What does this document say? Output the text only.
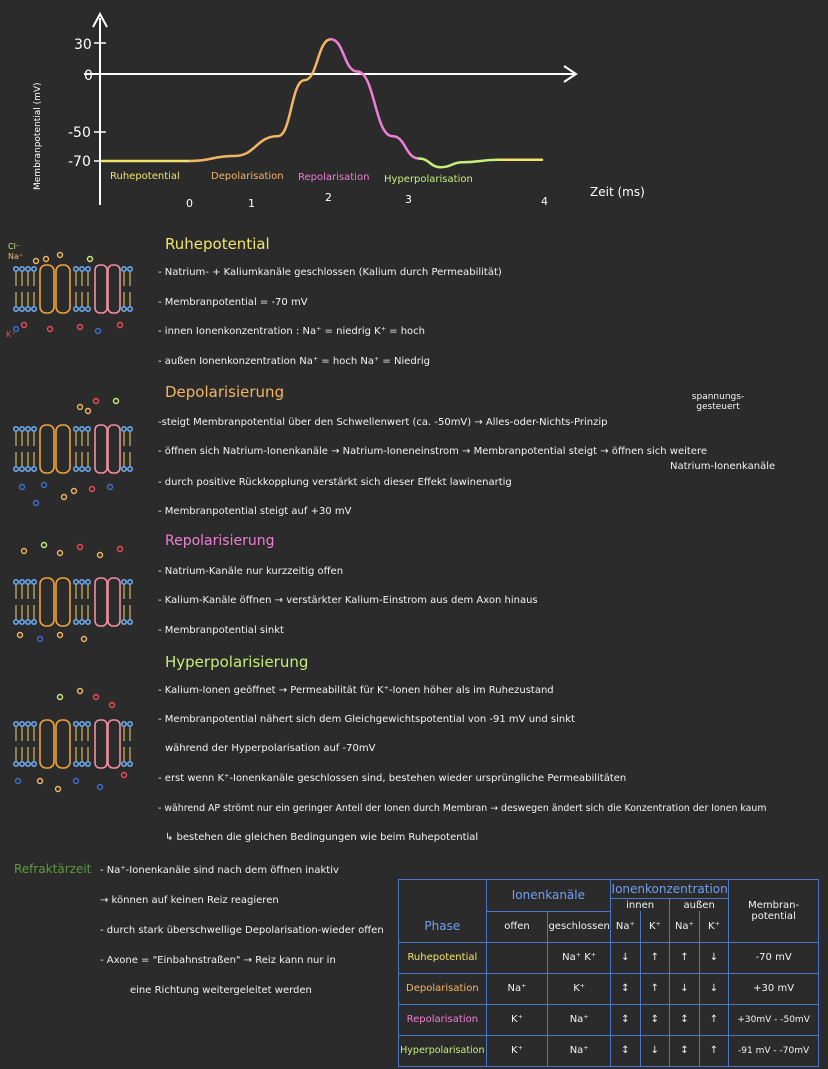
30
0
-50
-70
Membranpotential (mV)
0	1	2	3	4
Zeit (ms)
Ruhepotential	Depolarisation Repolarisation Hyperpolarisation
Cl⁻
Na⁺
K⁺
Ruhepotential
- Natrium- + Kaliumkanäle geschlossen (Kalium durch Permeabilität)
- Membranpotential = -70 mV
- innen Ionenkonzentration : Na⁺ = niedrig K⁺ = hoch
- außen Ionenkonzentration Na⁺ = hoch Na⁺ = Niedrig
Depolarisierung	spannungs- gesteuert
-steigt Membranpotential über den Schwellenwert (ca. -50mV) → Alles-oder-Nichts-Prinzip
- öffnen sich Natrium-Ionenkanäle → Natrium-Ioneneinstrom → Membranpotential steigt → öffnen sich weitere
Natrium-Ionenkanäle
- durch positive Rückkopplung verstärkt sich dieser Effekt lawinenartig
- Membranpotential steigt auf +30 mV
Repolarisierung
- Natrium-Kanäle nur kurzzeitig offen
- Kalium-Kanäle öffnen → verstärkter Kalium-Einstrom aus dem Axon hinaus
- Membranpotential sinkt
Hyperpolarisierung
- Kalium-Ionen geöffnet → Permeabilität für K⁺-Ionen höher als im Ruhezustand
- Membranpotential nähert sich dem Gleichgewichtspotential von -91 mV und sinkt
während der Hyperpolarisation auf -70mV
- erst wenn K⁺-Ionenkanäle geschlossen sind, bestehen wieder ursprüngliche Permeabilitäten
- während AP strömt nur ein geringer Anteil der Ionen durch Membran → deswegen ändert sich die Konzentration der Ionen kaum
↳ bestehen die gleichen Bedingungen wie beim Ruhepotential
Refraktärzeit - Na⁺-Ionenkanäle sind nach dem öffnen inaktiv
→ können auf keinen Reiz reagieren
- durch stark überschwellige Depolarisation-wieder offen
- Axone = "Einbahnstraßen" → Reiz kann nur in
eine Richtung weitergeleitet werden
	Ionenkanäle		Ionenkonzentration				Membran- potential
			innen		außen		
Phase	offen	geschlossen	Na⁺	K⁺	Na⁺	K⁺	
Ruhepotential		Na⁺ K⁺	↓	↑	↑	↓	-70 mV
Depolarisation	Na⁺	K⁺	↕	↑	↓	↓	+30 mV
Repolarisation	K⁺	Na⁺	↕	↕	↕	↑	+30mV - -50mV
Hyperpolarisation	K⁺	Na⁺	↕	↓	↕	↑	-91 mV - -70mV
